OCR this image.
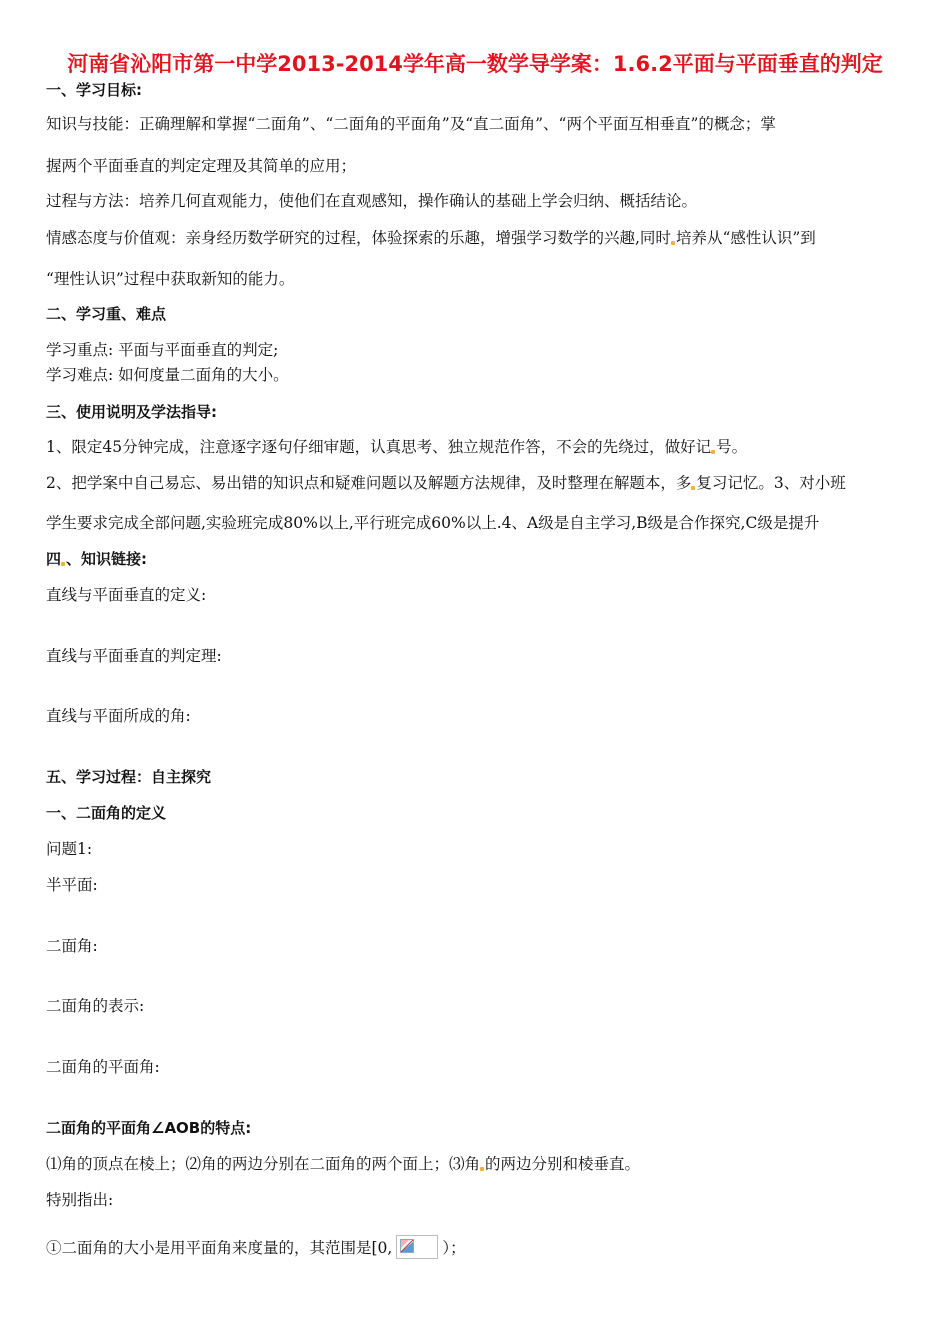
河南省沁阳市第一中学2013-2014学年高一数学导学案：1.6.2平面与平面垂直的判定
一、学习目标:
知识与技能：正确理解和掌握“二面角”、“二面角的平面角”及“直二面角”、“两个平面互相垂直”的概念；掌
握两个平面垂直的判定定理及其简单的应用；
过程与方法：培养几何直观能力，使他们在直观感知，操作确认的基础上学会归纳、概括结论。
情感态度与价值观：亲身经历数学研究的过程，体验探索的乐趣，增强学习数学的兴趣,同时 培养从“感性认识”到
“理性认识”过程中获取新知的能力。
二、学习重、难点
学习重点: 平面与平面垂直的判定;
学习难点: 如何度量二面角的大小。
三、使用说明及学法指导:
1、限定45分钟完成，注意逐字逐句仔细审题，认真思考、独立规范作答，不会的先绕过，做好记 号。
2、把学案中自己易忘、易出错的知识点和疑难问题以及解题方法规律，及时整理在解题本，多 复习记忆。3、对小班
学生要求完成全部问题,实验班完成80%以上,平行班完成60%以上.4、A级是自主学习,B级是合作探究,C级是提升
四 、知识链接:
直线与平面垂直的定义:
直线与平面垂直的判定理:
直线与平面所成的角:
五、学习过程：自主探究
一、二面角的定义
问题1:
半平面:
二面角:
二面角的表示:
二面角的平面角:
二面角的平面角∠AOB的特点:
⑴角的顶点在棱上；⑵角的两边分别在二面角的两个面上；⑶角 的两边分别和棱垂直。
特别指出:
①二面角的大小是用平面角来度量的，其范围是[0,	）；
